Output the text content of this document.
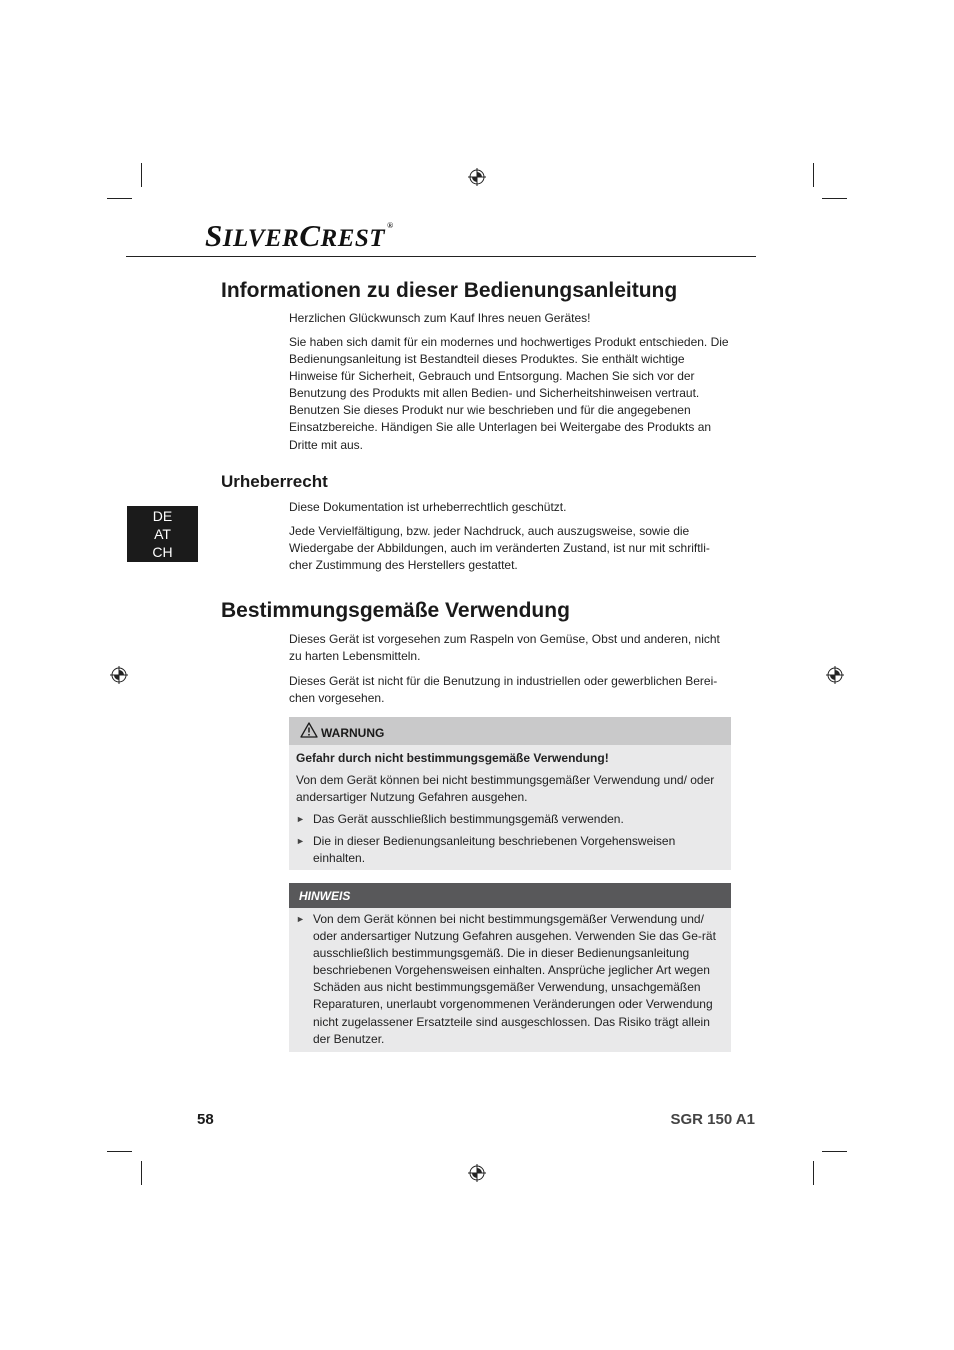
SILVERCREST ®
Informationen zu dieser Bedienungsanleitung

Herzlichen Glückwunsch zum Kauf Ihres neuen Gerätes!

Sie haben sich damit für ein modernes und hochwertiges Produkt entschieden. Die Bedienungsanleitung ist Bestandteil dieses Produktes. Sie enthält wichtige Hinweise für Sicherheit, Gebrauch und Entsorgung. Machen Sie sich vor der Benutzung des Produkts mit allen Bedien- und Sicherheitshinweisen vertraut. Benutzen Sie dieses Produkt nur wie beschrieben und für die angegebenen Einsatzbereiche. Händigen Sie alle Unterlagen bei Weitergabe des Produkts an Dritte mit aus.

Urheberrecht

Diese Dokumentation ist urheberrechtlich geschützt.

Jede Vervielfältigung, bzw. jeder Nachdruck, auch auszugsweise, sowie die Wiedergabe der Abbildungen, auch im veränderten Zustand, ist nur mit schriftli-cher Zustimmung des Herstellers gestattet.

DE
AT
CH
Bestimmungsgemäße Verwendung

Dieses Gerät ist vorgesehen zum Raspeln von Gemüse, Obst und anderen, nicht zu harten Lebensmitteln.

Dieses Gerät ist nicht für die Benutzung in industriellen oder gewerblichen Berei-chen vorgesehen.

WARNUNG

Gefahr durch nicht bestimmungsgemäße Verwendung!

Von dem Gerät können bei nicht bestimmungsgemäßer Verwendung und/ oder andersartiger Nutzung Gefahren ausgehen.

► Das Gerät ausschließlich bestimmungsgemäß verwenden.
► Die in dieser Bedienungsanleitung beschriebenen Vorgehensweisen einhalten.
HINWEIS
► Von dem Gerät können bei nicht bestimmungsgemäßer Verwendung und/ oder andersartiger Nutzung Gefahren ausgehen. Verwenden Sie das Ge-rät ausschließlich bestimmungsgemäß. Die in dieser Bedienungsanleitung beschriebenen Vorgehensweisen einhalten. Ansprüche jeglicher Art wegen Schäden aus nicht bestimmungsgemäßer Verwendung, unsachgemäßen Reparaturen, unerlaubt vorgenommenen Veränderungen oder Verwendung nicht zugelassener Ersatzteile sind ausgeschlossen. Das Risiko trägt allein der Benutzer.
58	SGR 150 A1
